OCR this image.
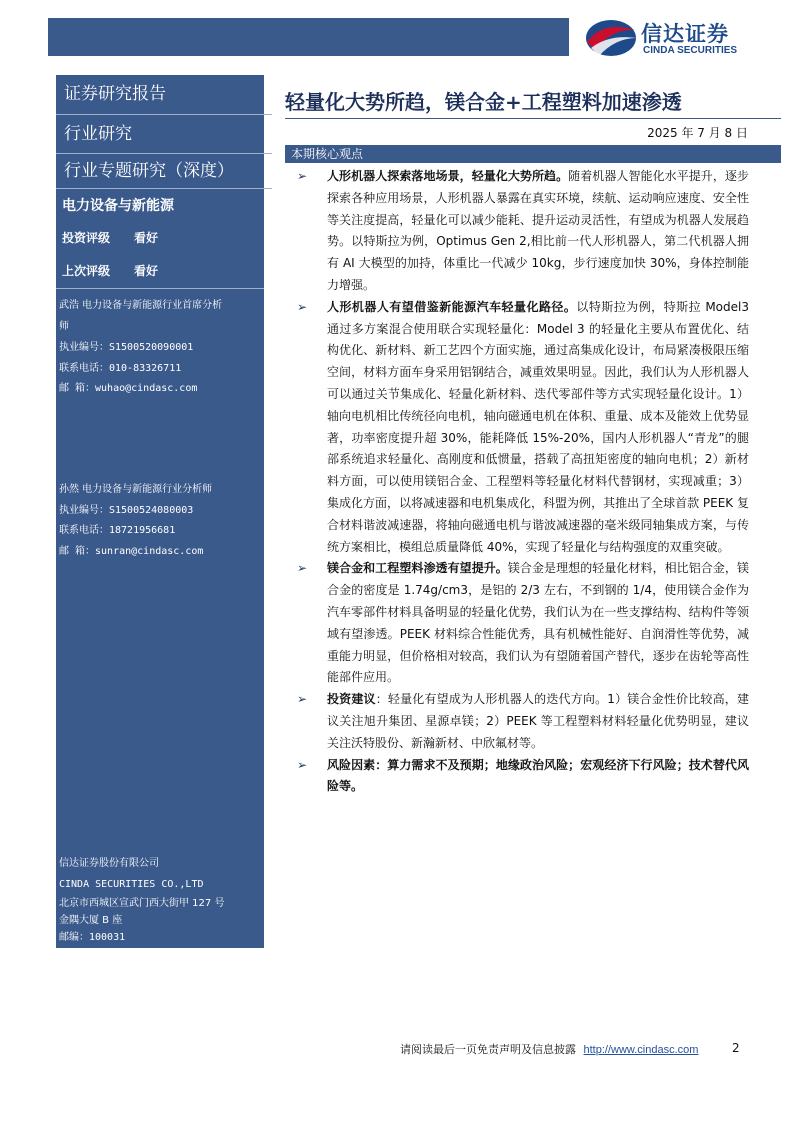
信达证券
CINDA SECURITIES
证券研究报告
行业研究
行业专题研究（深度）
电力设备与新能源
投资评级 看好
上次评级 看好
武浩 电力设备与新能源行业首席分析
师
执业编号：S1500520090001
联系电话：010-83326711
邮 箱：wuhao@cindasc.com
孙然 电力设备与新能源行业分析师
执业编号：S1500524080003
联系电话：18721956681
邮 箱：sunran@cindasc.com
信达证券股份有限公司
CINDA SECURITIES CO.,LTD
北京市西城区宣武门西大街甲 127 号
金隅大厦 B 座
邮编：100031
轻量化大势所趋，镁合金+工程塑料加速渗透
2025 年 7 月 8 日
本期核心观点
➢ 人形机器人探索落地场景，轻量化大势所趋。随着机器人智能化水平提升，逐步探索各种应用场景，人形机器人暴露在真实环境，续航、运动响应速度、安全性等关注度提高，轻量化可以减少能耗、提升运动灵活性，有望成为机器人发展趋势。以特斯拉为例，Optimus Gen 2,相比前一代人形机器人，第二代机器人拥有 AI 大模型的加持，体重比一代减少 10kg，步行速度加快 30%，身体控制能力增强。
➢ 人形机器人有望借鉴新能源汽车轻量化路径。以特斯拉为例，特斯拉 Model3 通过多方案混合使用联合实现轻量化：Model 3 的轻量化主要从布置优化、结构优化、新材料、新工艺四个方面实施，通过高集成化设计，布局紧凑极限压缩空间，材料方面车身采用铝钢结合，减重效果明显。因此，我们认为人形机器人可以通过关节集成化、轻量化新材料、迭代零部件等方式实现轻量化设计。1）轴向电机相比传统径向电机，轴向磁通电机在体积、重量、成本及能效上优势显著，功率密度提升超 30%，能耗降低 15%-20%，国内人形机器人“青龙”的腿部系统追求轻量化、高刚度和低惯量，搭载了高扭矩密度的轴向电机；2）新材料方面，可以使用镁铝合金、工程塑料等轻量化材料代替钢材，实现减重；3）集成化方面，以将减速器和电机集成化，科盟为例，其推出了全球首款 PEEK 复合材料谐波减速器，将轴向磁通电机与谐波减速器的毫米级同轴集成方案，与传统方案相比，模组总质量降低 40%，实现了轻量化与结构强度的双重突破。
➢ 镁合金和工程塑料渗透有望提升。镁合金是理想的轻量化材料，相比铝合金，镁合金的密度是 1.74g/cm3，是铝的 2/3 左右，不到钢的 1/4，使用镁合金作为汽车零部件材料具备明显的轻量化优势，我们认为在一些支撑结构、结构件等领域有望渗透。PEEK 材料综合性能优秀，具有机械性能好、自润滑性等优势，减重能力明显，但价格相对较高，我们认为有望随着国产替代，逐步在齿轮等高性能部件应用。
➢ 投资建议：轻量化有望成为人形机器人的迭代方向。1）镁合金性价比较高，建议关注旭升集团、星源卓镁；2）PEEK 等工程塑料材料轻量化优势明显，建议关注沃特股份、新瀚新材、中欣氟材等。
➢ 风险因素：算力需求不及预期；地缘政治风险；宏观经济下行风险；技术替代风险等。
请阅读最后一页免责声明及信息披露 http://www.cindasc.com	2
